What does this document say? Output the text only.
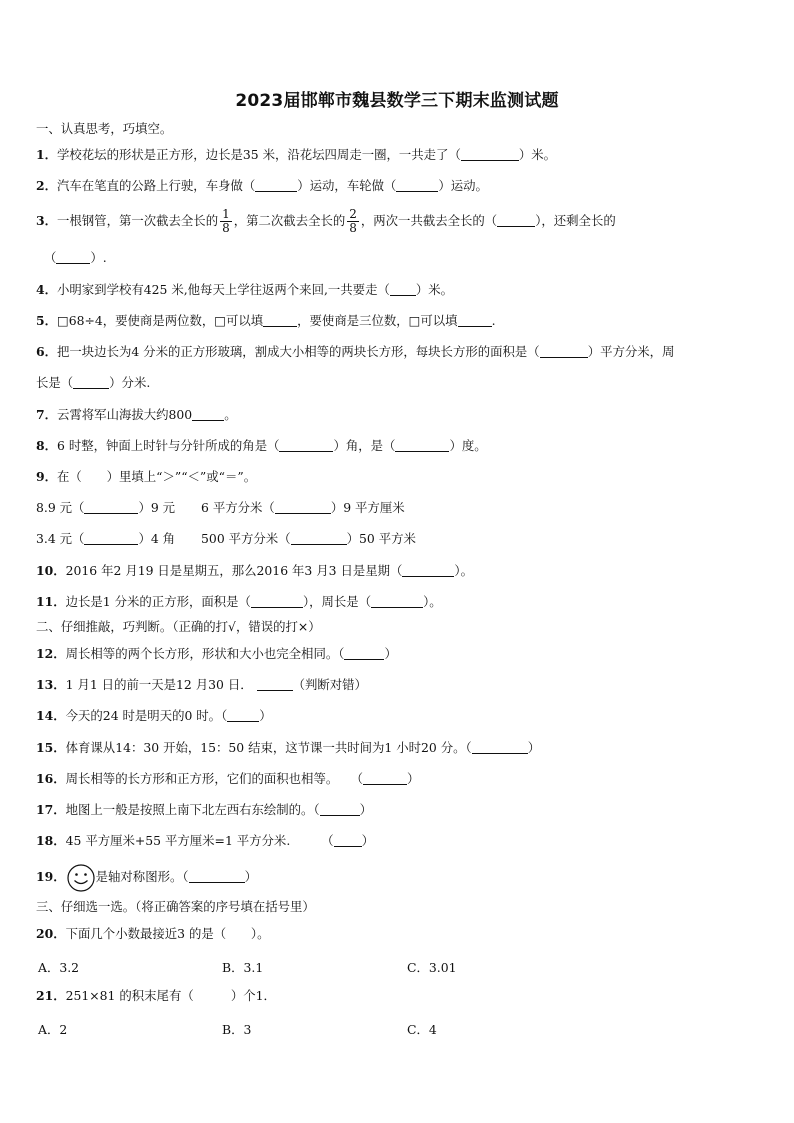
2023届邯郸市魏县数学三下期末监测试题
一、认真思考，巧填空。
1．学校花坛的形状是正方形，边长是35 米，沿花坛四周走一圈，一共走了（	）米。
2．汽车在笔直的公路上行驶，车身做（	）运动，车轮做（	）运动。
3．一根钢管，第一次截去全长的 $\frac{1}{8}$ ，第二次截去全长的 $\frac{2}{8}$ ，两次一共截去全长的（	），还剩全长的
（	）.
4．小明家到学校有425 米,他每天上学往返两个来回,一共要走（ ）米。
5．□68÷4，要使商是两位数，□可以填	，要使商是三位数，□可以填	.
6．把一块边长为4 分米的正方形玻璃，割成大小相等的两块长方形，每块长方形的面积是（	）平方分米，周
长是（	）分米.
7．云霄将军山海拔大约800	。
8．6 时整，钟面上时针与分针所成的角是（	）角，是（	）度。
9．在（　　）里填上“＞”“＜”或“＝”。
8.9 元（	）9 元 6 平方分米（	）9 平方厘米
3.4 元（	）4 角 500 平方分米（	）50 平方米
10．2016 年2 月19 日是星期五，那么2016 年3 月3 日是星期（	）。
11．边长是1 分米的正方形，面积是（	），周长是（	）。
二、仔细推敲，巧判断。（正确的打√，错误的打×）
12．周长相等的两个长方形，形状和大小也完全相同。（	）
13．1 月1 日的前一天是12 月30 日．	（判断对错）
14．今天的24 时是明天的0 时。（	）
15．体育课从14：30 开始，15：50 结束，这节课一共时间为1 小时20 分。（	）
16．周长相等的长方形和正方形，它们的面积也相等。　　（	）
17．地图上一般是按照上南下北左西右东绘制的。（	）
18．45 平方厘米+55 平方厘米=1 平方分米.　　　（ ）
19． 是轴对称图形。（	）
三、仔细选一选。（将正确答案的序号填在括号里）
20．下面几个小数最接近3 的是（　　）。
A．3.2	B．3.1	C．3.01
21．251×81 的积末尾有（　　　）个1．
A．2	B．3	C．4
